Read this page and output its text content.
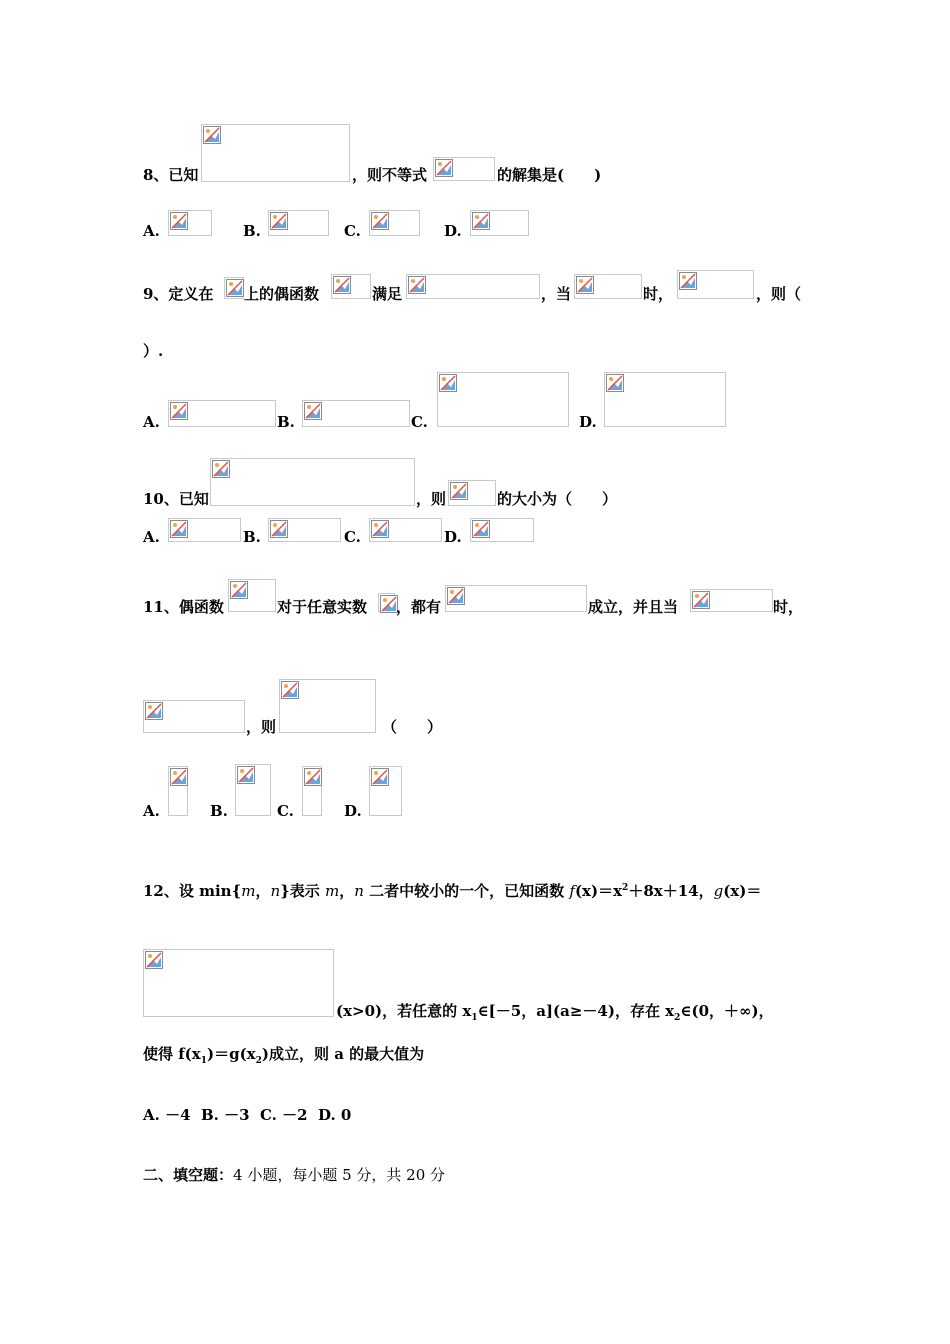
8、已知	，则不等式	的解集是(　　)
A.	B.	C.	D.
9、定义在 上的偶函数	满足	，当	时，	，则（
）.
A.	B.	C.	D.
10、已知	，则	的大小为（　　）
A.	B.	C.	D.
11、偶函数	对于任意实数 ，都有	成立，并且当	时，
，则	（　　）
A.	B.	C.	D.
12、设 min{m，n}表示 m，n 二者中较小的一个，已知函数 $f(x)=x^2+8x+14$，g(x)＝
(x>0)，若任意的 $x_1\in[-5$，a](a≥－4)，存在 $x_2\in(0$，＋∞)，
使得 $f(x_1)=g(x_2)$成立，则 a 的最大值为
A. －4  B. －3  C. －2  D. 0
二、填空题：4 小题，每小题 5 分，共 20 分
